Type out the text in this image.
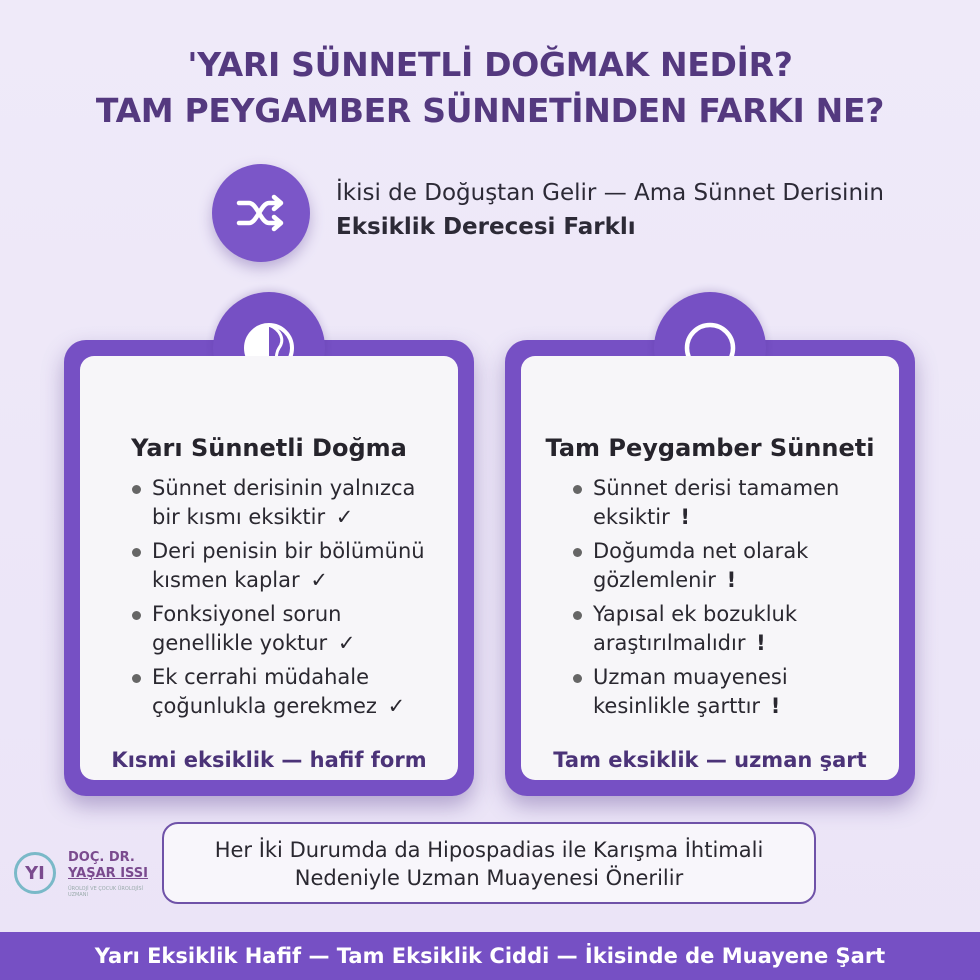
'YARI SÜNNETLİ DOĞMAK NEDİR?
TAM PEYGAMBER SÜNNETİNDEN FARKI NE?
İkisi de Doğuştan Gelir — Ama Sünnet Derisinin Eksiklik Derecesi Farklı
Yarı Sünnetli Doğma
Sünnet derisinin yalnızca bir kısmı eksiktir ✓
Deri penisin bir bölümünü kısmen kaplar ✓
Fonksiyonel sorun genellikle yoktur ✓
Ek cerrahi müdahale çoğunlukla gerekmez ✓
Kısmi eksiklik — hafif form
Tam Peygamber Sünneti
Sünnet derisi tamamen eksiktir !
Doğumda net olarak gözlemlenir !
Yapısal ek bozukluk araştırılmalıdır !
Uzman muayenesi kesinlikle şarttır !
Tam eksiklik — uzman şart
YI
DOÇ. DR.
YAŞAR ISSI
ÜROLOJİ VE ÇOCUK ÜROLOJİSİ UZMANI
Her İki Durumda da Hipospadias ile Karışma İhtimali
Nedeniyle Uzman Muayenesi Önerilir
Yarı Eksiklik Hafif — Tam Eksiklik Ciddi — İkisinde de Muayene Şart
